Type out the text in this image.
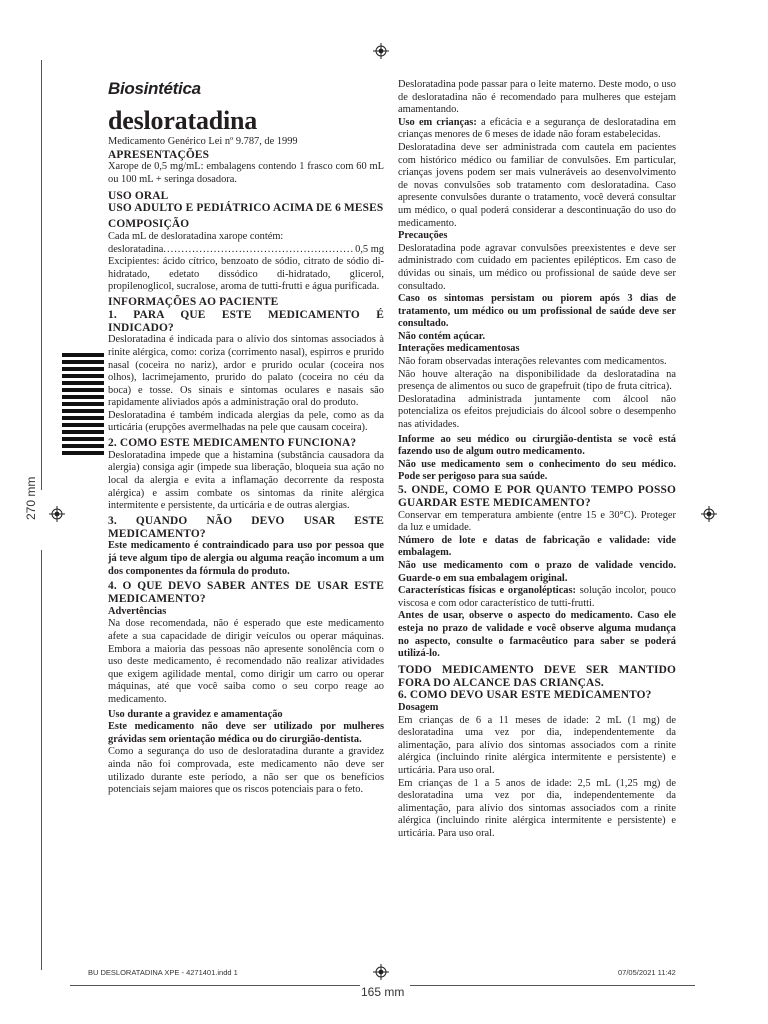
270 mm
165 mm
BU DESLORATADINA XPE - 4271401.indd 1	07/05/2021 11:42
Biosintética
desloratadina

Medicamento Genérico Lei nº 9.787, de 1999

APRESENTAÇÕES

Xarope de 0,5 mg/mL: embalagens contendo 1 frasco com 60 mL ou 100 mL + seringa dosadora.

USO ORAL

USO ADULTO E PEDIÁTRICO ACIMA DE 6 MESES

COMPOSIÇÃO

Cada mL de desloratadina xarope contém:

desloratadina
.....	0,5 mg

Excipientes: ácido cítrico, benzoato de sódio, citrato de sódio di-hidratado, edetato dissódico di-hidratado, glicerol, propilenoglicol, sucralose, aroma de tutti-frutti e água purificada.

INFORMAÇÕES AO PACIENTE

1. PARA QUE ESTE MEDICAMENTO É INDICADO?

Desloratadina é indicada para o alívio dos sintomas associados à rinite alérgica, como: coriza (corrimento nasal), espirros e prurido nasal (coceira no nariz), ardor e prurido ocular (coceira nos olhos), lacrimejamento, prurido do palato (coceira no céu da boca) e tosse. Os sinais e sintomas oculares e nasais são rapidamente aliviados após a administração oral do produto.

Desloratadina é também indicada alergias da pele, como as da urticária (erupções avermelhadas na pele que causam coceira).

2. COMO ESTE MEDICAMENTO FUNCIONA?

Desloratadina impede que a histamina (substância causadora da alergia) consiga agir (impede sua liberação, bloqueia sua ação no local da alergia e evita a inflamação decorrente da resposta alérgica) e assim combate os sintomas da rinite alérgica intermitente e persistente, da urticária e de outras alergias.

3. QUANDO NÃO DEVO USAR ESTE MEDICAMENTO?

Este medicamento é contraindicado para uso por pessoa que já teve algum tipo de alergia ou alguma reação incomum a um dos componentes da fórmula do produto.

4. O QUE DEVO SABER ANTES DE USAR ESTE MEDICAMENTO?

Advertências

Na dose recomendada, não é esperado que este medicamento afete a sua capacidade de dirigir veículos ou operar máquinas. Embora a maioria das pessoas não apresente sonolência com o uso deste medicamento, é recomendado não realizar atividades que exigem agilidade mental, como dirigir um carro ou operar máquinas, até que você saiba como o seu corpo reage ao medicamento.

Uso durante a gravidez e amamentação

Este medicamento não deve ser utilizado por mulheres grávidas sem orientação médica ou do cirurgião-dentista.

Como a segurança do uso de desloratadina durante a gravidez ainda não foi comprovada, este medicamento não deve ser utilizado durante este período, a não ser que os benefícios potenciais sejam maiores que os riscos potenciais para o feto.

Desloratadina pode passar para o leite materno. Deste modo, o uso de desloratadina não é recomendado para mulheres que estejam amamentando.

Uso em crianças: a eficácia e a segurança de desloratadina em crianças menores de 6 meses de idade não foram estabelecidas.

Desloratadina deve ser administrada com cautela em pacientes com histórico médico ou familiar de convulsões. Em particular, crianças jovens podem ser mais vulneráveis ao desenvolvimento de novas convulsões sob tratamento com desloratadina. Caso apresente convulsões durante o tratamento, você deverá consultar um médico, o qual poderá considerar a descontinuação do uso do medicamento.

Precauções

Desloratadina pode agravar convulsões preexistentes e deve ser administrado com cuidado em pacientes epilépticos. Em caso de dúvidas ou sinais, um médico ou profissional de saúde deve ser consultado.

Caso os sintomas persistam ou piorem após 3 dias de tratamento, um médico ou um profissional de saúde deve ser consultado.

Não contém açúcar.

Interações medicamentosas

Não foram observadas interações relevantes com medicamentos.

Não houve alteração na disponibilidade da desloratadina na presença de alimentos ou suco de grapefruit (tipo de fruta cítrica).

Desloratadina administrada juntamente com álcool não potencializa os efeitos prejudiciais do álcool sobre o desempenho nas atividades.

Informe ao seu médico ou cirurgião-dentista se você está fazendo uso de algum outro medicamento.

Não use medicamento sem o conhecimento do seu médico. Pode ser perigoso para sua saúde.

5. ONDE, COMO E POR QUANTO TEMPO POSSO GUARDAR ESTE MEDICAMENTO?

Conservar em temperatura ambiente (entre 15 e 30°C). Proteger da luz e umidade.

Número de lote e datas de fabricação e validade: vide embalagem.

Não use medicamento com o prazo de validade vencido. Guarde-o em sua embalagem original.

Características físicas e organolépticas: solução incolor, pouco viscosa e com odor característico de tutti-frutti.

Antes de usar, observe o aspecto do medicamento. Caso ele esteja no prazo de validade e você observe alguma mudança no aspecto, consulte o farmacêutico para saber se poderá utilizá-lo.

TODO MEDICAMENTO DEVE SER MANTIDO FORA DO ALCANCE DAS CRIANÇAS.

6. COMO DEVO USAR ESTE MEDICAMENTO?

Dosagem

Em crianças de 6 a 11 meses de idade: 2 mL (1 mg) de desloratadina uma vez por dia, independentemente da alimentação, para alívio dos sintomas associados com a rinite alérgica (incluindo rinite alérgica intermitente e persistente) e urticária. Para uso oral.

Em crianças de 1 a 5 anos de idade: 2,5 mL (1,25 mg) de desloratadina uma vez por dia, independentemente da alimentação, para alívio dos sintomas associados com a rinite alérgica (incluindo rinite alérgica intermitente e persistente) e urticária. Para uso oral.
